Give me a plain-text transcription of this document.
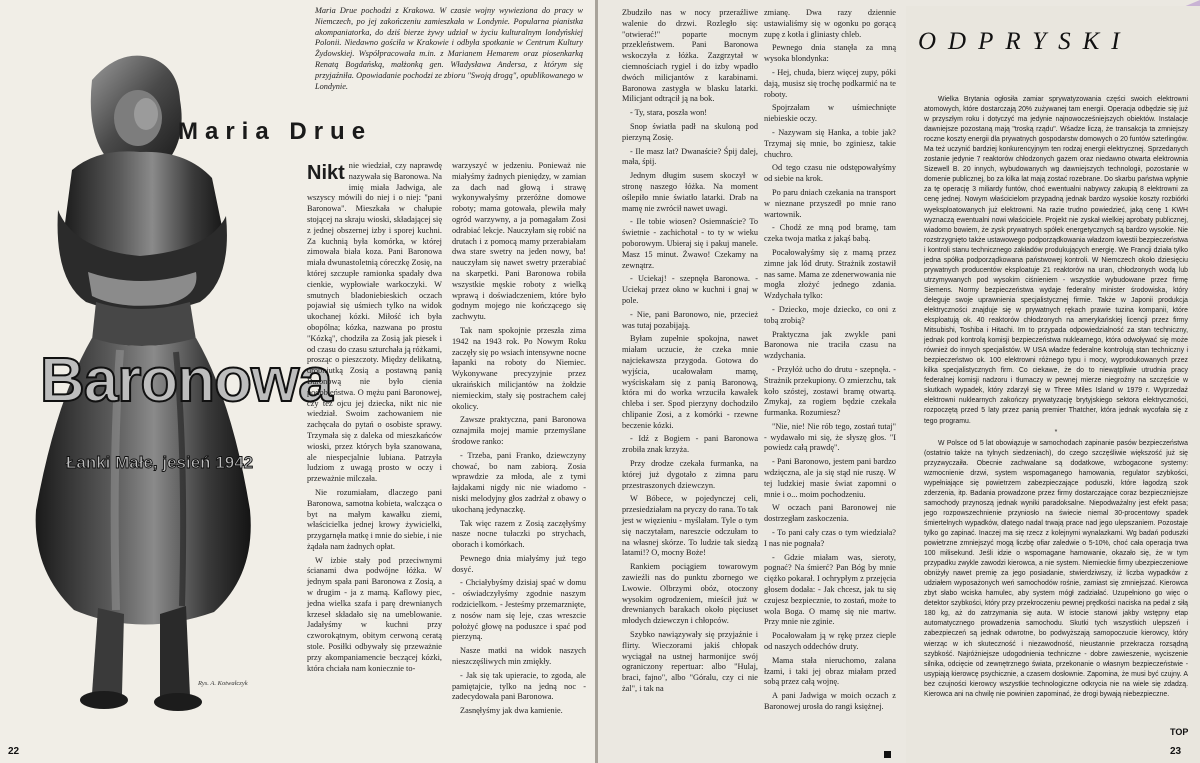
Maria Drue pochodzi z Krakowa. W czasie wojny wywieziona do pracy w Niemczech, po jej zakończeniu zamieszkała w Londynie. Popularna pianistka akompaniatorka, do dziś bierze żywy udział w życiu kulturalnym londyńskiej Polonii. Niedawno gościła w Krakowie i odbyła spotkanie w Centrum Kultury Żydowskiej. Współpracowała m.in. z Marianem Hemarem oraz piosenkarką Renatą Bogdańską, małżonką gen. Władysława Andersa, z którym się przyjaźniła. Opowiadanie pochodzi ze zbioru "Swoją drogą", opublikowanego w Londynie.
Maria Drue
Baronowa
Łanki Małe, jesień 1942
Rys. A. Kotwałczyk
22

Nikt nie wiedział, czy naprawdę nazywała się Baronowa. Na imię miała Jadwiga, ale wszyscy mówili do niej i o niej: "pani Baronowa". Mieszkała w chałupie stojącej na skraju wioski, składającej się z jednej obszernej izby i sporej kuchni. Za kuchnią była komórka, w której zimowała biała koza. Pani Baronowa miała dwunastoletnią córeczkę Zosię, na której szczupłe ramionka spadały dwa cienkie, wypłowiałe warkoczyki. W smutnych bladoniebieskich oczach pojawiał się uśmiech tylko na widok ukochanej kózki. Miłość ich była obopólna; kózka, nazwana po prostu "Kózką", chodziła za Zosią jak piesek i od czasu do czasu szturchała ją różkami, prosząc o pieszczoty. Między delikatną, drobniutką Zosią a postawną panią Baronową nie było cienia podobieństwa. O mężu pani Baronowej, czy też ojcu jej dziecka, nikt nic nie wiedział. Swoim zachowaniem nie zachęcała do pytań o osobiste sprawy. Trzymała się z daleka od mieszkańców wioski, przez których była szanowana, ale niespecjalnie lubiana. Patrzyła ludziom z uwagą prosto w oczy i przeważnie milczała.

Nie rozumiałam, dlaczego pani Baronowa, samotna kobieta, walcząca o byt na małym kawałku ziemi, właścicielka jednej krowy żywicielki, przygarnęła matkę i mnie do siebie, i nie żądała nam żadnych opłat.

W izbie stały pod przeciwnymi ścianami dwa podwójne łóżka. W jednym spała pani Baronowa z Zosią, a w drugim - ja z mamą. Kaflowy piec, jedna wielka szafa i parę drewnianych krzeseł składało się na umeblowanie. Jadałyśmy w kuchni przy czworokątnym, obitym cerwoną ceratą stole. Posiłki odbywały się przeważnie przy akompaniamencie beczącej kózki, która chciała nam koniecznie to-

warzyszyć w jedzeniu. Ponieważ nie miałyśmy żadnych pieniędzy, w zamian za dach nad głową i strawę wykonywałyśmy przeróżne domowe roboty; mama gotowała, plewiła mały ogród warzywny, a ja pomagałam Zosi odrabiać lekcje. Nauczyłam się robić na drutach i z pomocą mamy przerabiałam dwa stare swetry na jeden nowy, ba! nauczyłam się nawet swetry przerabiać na skarpetki. Pani Baronowa robiła wszystkie męskie roboty z wielką wprawą i doświadczeniem, które było godnym mojego nie kończącego się zachwytu.

Tak nam spokojnie przeszła zima 1942 na 1943 rok. Po Nowym Roku zaczęły się po wsiach intensywne nocne łapanki na roboty do Niemiec. Wykonywane precyzyjnie przez ukraińskich milicjantów na żołdzie niemieckim, stały się postrachem całej okolicy.

Zawsze praktyczna, pani Baronowa oznajmiła mojej mamie przemyślane środowe ranko:

- Trzeba, pani Franko, dziewczyny chować, bo nam zabiorą. Zosia wprawdzie za młoda, ale z tymi łajdakami nigdy nic nie wiadomo - niski melodyjny głos zadrżał z obawy o ukochaną jedynaczkę.

Tak więc razem z Zosią zaczęłyśmy nasze nocne tułaczki po strychach, oborach i komórkach.

Pewnego dnia miałyśmy już tego dosyć.

- Chciałybyśmy dzisiaj spać w domu - oświadczyłyśmy zgodnie naszym rodzicielkom. - Jesteśmy przemarznięte, z nosów nam się leje, czas wreszcie położyć głowę na poduszce i spać pod pierzyną.

Nasze matki na widok naszych nieszczęśliwych min zmiękły.

- Jak się tak upieracie, to zgoda, ale pamiętajcie, tylko na jedną noc - zadecydowała pani Baronowa.

Zasnęłyśmy jak dwa kamienie.

Zbudziło nas w nocy przeraźliwe walenie do drzwi. Rozległo się: "otwierać!" poparte mocnym przekleństwem. Pani Baronowa wskoczyła z łóżka. Zazgrzytał w ciemnościach rygiel i do izby wpadło dwóch milicjantów z karabinami. Baronowa zastygła w blasku latarki. Milicjant odtrącił ją na bok.

- Ty, stara, poszła won!

Snop światła padł na skuloną pod pierzyną Zosię.

- Ile masz lat? Dwanaście? Śpij dalej, mała, śpij.

Jednym długim susem skoczył w stronę naszego łóżka. Na moment oślepiło mnie światło latarki. Drab na mamę nie zwrócił nawet uwagi.

- Ile tobie wiosen? Osiemnaście? To świetnie - zachichotał - to ty w wieku poborowym. Ubieraj się i pakuj manele. Masz 15 minut. Żwawo! Czekamy na zewnątrz.

- Uciekaj! - szepnęła Baronowa. - Uciekaj przez okno w kuchni i gnaj w pole.

- Nie, pani Baronowo, nie, przecież was tutaj pozabijają.

Byłam zupełnie spokojna, nawet miałam uczucie, że czeka mnie najciekawsza przygoda. Gotowa do wyjścia, ucałowałam mamę, wyściskałam się z panią Baronową, która mi do worka wrzuciła kawałek chleba i ser. Spod pierzyny dochodziło chlipanie Zosi, a z komórki - rzewne beczenie kózki.

- Idź z Bogiem - pani Baronowa zrobiła znak krzyża.

Przy drodze czekała furmanka, na której już dygotało z zimna paru przestraszonych dziewczyn.

W Bóbece, w pojedynczej celi, przesiedziałam na pryczy do rana. To tak jest w więzieniu - myślałam. Tyle o tym się naczytałam, nareszcie odczułam to na własnej skórze. To ludzie tak siedzą latami!? O, mocny Boże!

Rankiem pociągiem towarowym zawieźli nas do punktu zbornego we Lwowie. Olbrzymi obóz, otoczony wysokim ogrodzeniem, mieścił już w drewnianych barakach około pięciuset młodych dziewczyn i chłopców.

Szybko nawiązywały się przyjaźnie i flirty. Wieczorami jakiś chłopak wyciągał na ustnej harmonijce swój ograniczony repertuar: albo "Hulaj, braci, fajno", albo "Góralu, czy ci nie żal", i tak na

zmianę. Dwa razy dziennie ustawialiśmy się w ogonku po gorącą zupę z kotła i gliniasty chleb.

Pewnego dnia stanęła za mną wysoka blondynka:

- Hej, chuda, bierz więcej zupy, póki dają, musisz się trochę podkarmić na te roboty.

Spojrzałam w uśmiechnięte niebieskie oczy.

- Nazywam się Hanka, a tobie jak? Trzymaj się mnie, bo zginiesz, takie chuchro.

Od tego czasu nie odstępowałyśmy od siebie na krok.

Po paru dniach czekania na transport w nieznane przyszedł po mnie rano wartownik.

- Chodź ze mną pod bramę, tam czeka twoja matka z jakąś babą.

Pocałowałyśmy się z mamą przez zimne jak lód druty. Strażnik zostawił nas same. Mama ze zdenerwowania nie mogła złożyć jednego zdania. Wzdychała tylko:

- Dziecko, moje dziecko, co oni z tobą zrobią?

Praktyczna jak zwykle pani Baronowa nie traciła czasu na wzdychania.

- Przyłóż ucho do drutu - szepnęła. - Strażnik przekupiony. O zmierzchu, tak koło szóstej, zostawi bramę otwartą. Zmykaj, za rogiem będzie czekała furmanka. Rozumiesz?

"Nie, nie! Nie rób tego, zostań tutaj" - wydawało mi się, że słyszę głos. "I powiedz całą prawdę".

- Pani Baronowo, jestem pani bardzo wdzięczna, ale ja się stąd nie ruszę. W tej ludzkiej masie świat zapomni o mnie i o... moim pochodzeniu.

W oczach pani Baronowej nie dostrzegłam zaskoczenia.

- To pani cały czas o tym wiedziała? I nas nie pognała?

- Gdzie miałam was, sieroty, pognać? Na śmierć? Pan Bóg by mnie ciężko pokarał. I ochrypłym z przejęcia głosem dodała: - Jak chcesz, jak tu się czujesz bezpiecznie, to zostań, może to wola Boga. O mamę się nie martw. Przy mnie nie zginie.

Pocałowałam ją w rękę przez cieple od naszych oddechów druty.

Mama stała nieruchomo, zalana łzami, i taki jej obraz miałam przed sobą przez całą wojnę.

A pani Jadwiga w moich oczach z Baronowej urosła do rangi księżnej.

ODPRYSKI

Wielka Brytania ogłosiła zamiar sprywatyzowania części swoich elektrowni atomowych, które dostarczają 20% zużywanej tam energii. Operacja odbędzie się już w przyszłym roku i dotyczyć ma jedynie najnowocześniejszych obiektów. Instalacje dawniejsze pozostaną mają "troską rządu". Wśadze liczą, że transakcja ta zmniejszy roczne koszty energii dla prywatnych gospodarstw domowych o 20 funtów szterlingów. Ma też uczynić bardziej konkurencyjnym ten rodzaj energii elektrycznej. Sprzedanych zostanie jedynie 7 reaktorów chłodzonych gazem oraz niedawno otwarta elektrownia Sizewell B. 20 innych, wybudowanych wg dawniejszych technologii, pozostanie w domenie publicznej, bo za kilka lat mają zostać rozebrane. Do skarbu państwa wpłynie za tę operację 3 miliardy funtów, choć ewentualni nabywcy zakupią 8 elektrowni za cenę jednej. Nowym właścicielom przypadną jednak bardzo wysokie koszty rozbiórki wyeksploatowanych już elektrowni. Na razie trudno powiedzieć, jaką cenę 1 KWH wyznaczą ewentualni nowi właściciele. Projekt nie zyskał wielkiej aprobaty publicznej, wiadomo bowiem, że zysk prywatnych spółek energetycznych są bardzo wysokie. Nie rozstrzygnięto także ustawowego podporządkowania władzom kwestii bezpieczeństwa i kontroli stanu technicznego zakładów produkujących energię. We Francji działa tylko jedna spółka podporządkowana państwowej kontroli. W Niemczech około dziesięciu prywatnych producentów eksploatuje 21 reaktorów na uran, chłodzonych wodą lub utrzymywanych pod wysokim ciśnieniem - wszystkie wybudowane przez firmę Siemens. Normy bezpieczeństwa wydaje federalny minister środowiska, który deleguje swoje uprawnienia specjalistycznej firmie. Także w Japonii produkcja elektryczności znajduje się w prywatnych rękach prawie tuzina kompanii, które eksploatują ok. 40 reaktorów chłodzonych na amerykańskiej licencji przez firmy Mitsubishi, Toshiba i Hitachi. Im to przypada odpowiedzialność za stan techniczny, jednak pod kontrolą komisji bezpieczeństwa nuklearnego, która odwoływać się może również do innych specjalistów. W USA władze federalne kontrolują stan techniczny i bezpieczeństwo ok. 100 elektrowni różnego typu i mocy, wyprodukowanych przez kilka specjalistycznych firm. Co ciekawe, że do to niewątpliwie utrudnia pracy federalnej komisji nadzoru i tłumaczy w pewnej mierze niegroźny na szczęście w skutkach wypadek, który zdarzył się w Three Miles Island w 1979 r. Wyprzedaż elektrowni nuklearnych zakończy prywatyzację brytyjskiego sektora elektryczności, rozpoczętą przed 5 laty przez panią premier Thatcher, która jednak wycofała się z tego programu.

*

W Polsce od 5 lat obowiązuje w samochodach zapinanie pasów bezpieczeństwa (ostatnio także na tylnych siedzeniach), do czego szczęśliwie większość już się przyzwyczaiła. Obecnie zachwalane są dodatkowe, wzbogacone systemy: wzmocnienie drzwi, system wspomaganego hamowania, regulator szybkości, wypełniające się powietrzem zabezpieczające poduszki, które łagodzą szok zderzenia, itp. Badania prowadzone przez firmy dostarczające coraz bezpieczniejsze samochody przynoszą jednak wyniki paradoksalne. Niepodważalny jest efekt pasa; jego rozpowszechnienie przyniosło na świecie niemal 30-procentowy spadek śmiertelnych wypadków, dlatego nadal trwają prace nad jego ulepszaniem. Pozostaje tylko go zapinać. Inaczej ma się rzecz z kolejnymi wynalazkami. Wg badań poduszki powietrzne zmniejszyć mogą liczbę ofiar zaledwie o 5-10%, choć cała operacja trwa 100 milisekund. Jeśli idzie o wspomagane hamowanie, okazało się, że w tym przypadku zwykle zawodzi kierowca, a nie system. Niemieckie firmy ubezpieczeniowe obniżyły nawet premię za jego posiadanie, stwierdziwszy, iż liczba wypadków z udziałem wyposażonych weń samochodów rośnie, zamiast się zmniejszać. Kierowca zbyt słabo wciska hamulec, aby system mógł zadziałać. Uzupełniono go więc o detektor szybkości, który przy przekroczeniu pewnej prędkości naciska na pedał z siłą 180 kg, aż do zatrzymania się auta. W istocie stanowi jakby wstępny etap automatycznego prowadzenia samochodu. Skutki tych wszystkich ulepszeń i zabezpieczeń są jednak odwrotne, bo podwyższają samopoczucie kierowcy, który wierząc w ich skuteczność i niezawodność, nieustannie przekracza rozsądną szybkość. Najróżniejsze udogodnienia techniczne - dobre zawieszenie, wyciszenie silnika, odcięcie od zewnętrznego świata, przekonanie o własnym bezpieczeństwie - usypiają kierowcę psychicznie, a czasem dosłownie. Zapomina, że musi być czujny. A bez czujności kierowcy wszystkie technologiczne odkrycia nie na wiele się zdadzą. Kierowca ani na chwilę nie powinien zapominać, że drogi bywają niebezpieczne.

TOP
23
